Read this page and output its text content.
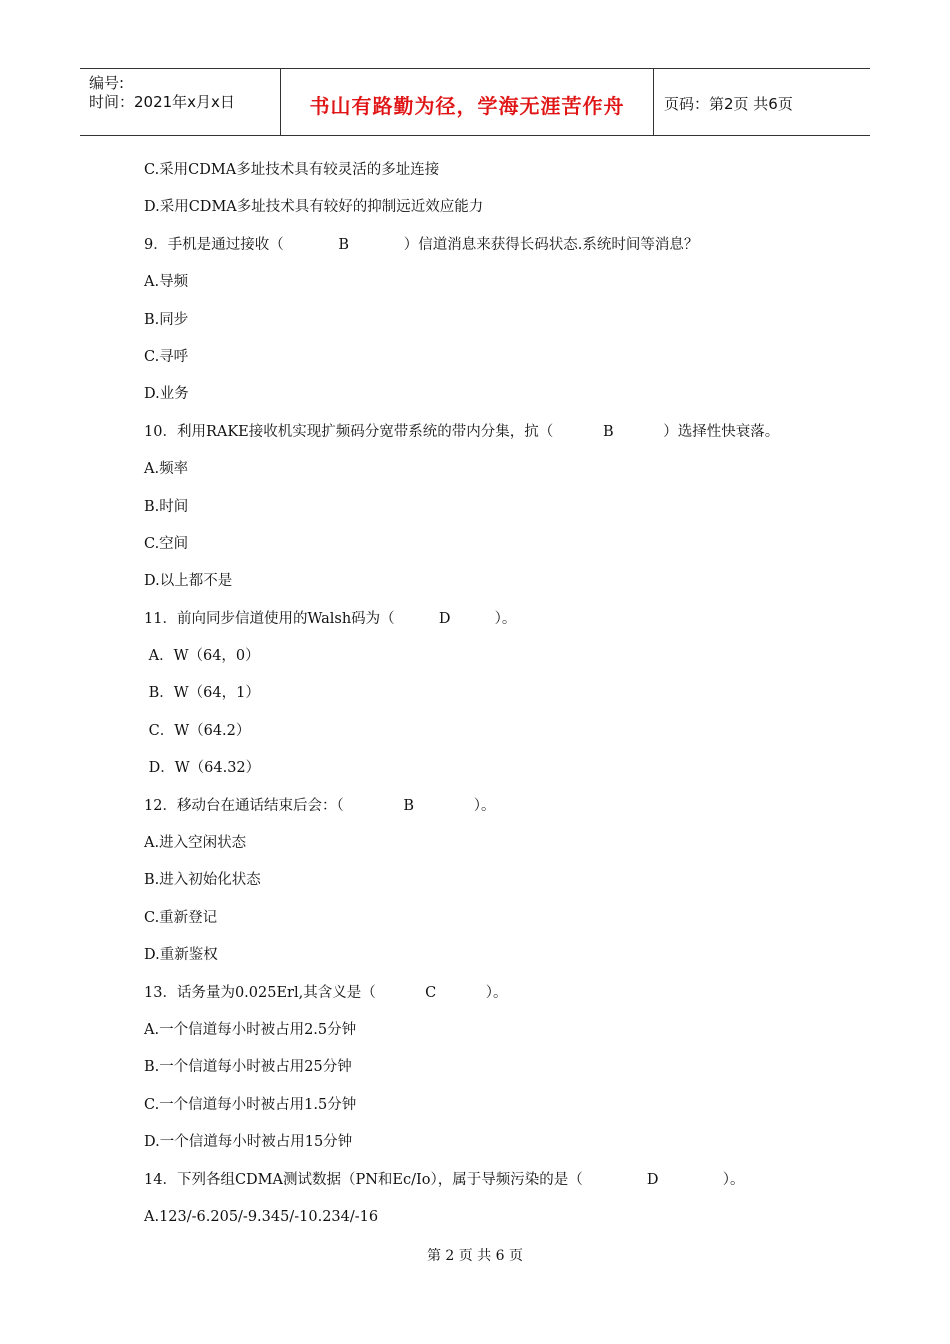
编号:
时间：2021年x月x日	书山有路勤为径，学海无涯苦作舟	页码：第2页 共6页
C.采用CDMA多址技术具有较灵活的多址连接
D.采用CDMA多址技术具有较好的抑制远近效应能力
9．手机是通过接收（	B	）信道消息来获得长码状态.系统时间等消息？
A.导频
B.同步
C.寻呼
D.业务
10．利用RAKE接收机实现扩频码分宽带系统的带内分集，抗（	B	）选择性快衰落。
A.频率
B.时间
C.空间
D.以上都不是
11．前向同步信道使用的Walsh码为（	D	）。
A．W（64，0）
B．W（64，1）
C．W（64.2）
D．W（64.32）
12．移动台在通话结束后会：（	B	）。
A.进入空闲状态
B.进入初始化状态
C.重新登记
D.重新鉴权
13．话务量为0.025Erl,其含义是（	C	）。
A.一个信道每小时被占用2.5分钟
B.一个信道每小时被占用25分钟
C.一个信道每小时被占用1.5分钟
D.一个信道每小时被占用15分钟
14．下列各组CDMA测试数据（PN和Ec/Io），属于导频污染的是（	D	）。
A.123/-6.205/-9.345/-10.234/-16
第 2 页 共 6 页
